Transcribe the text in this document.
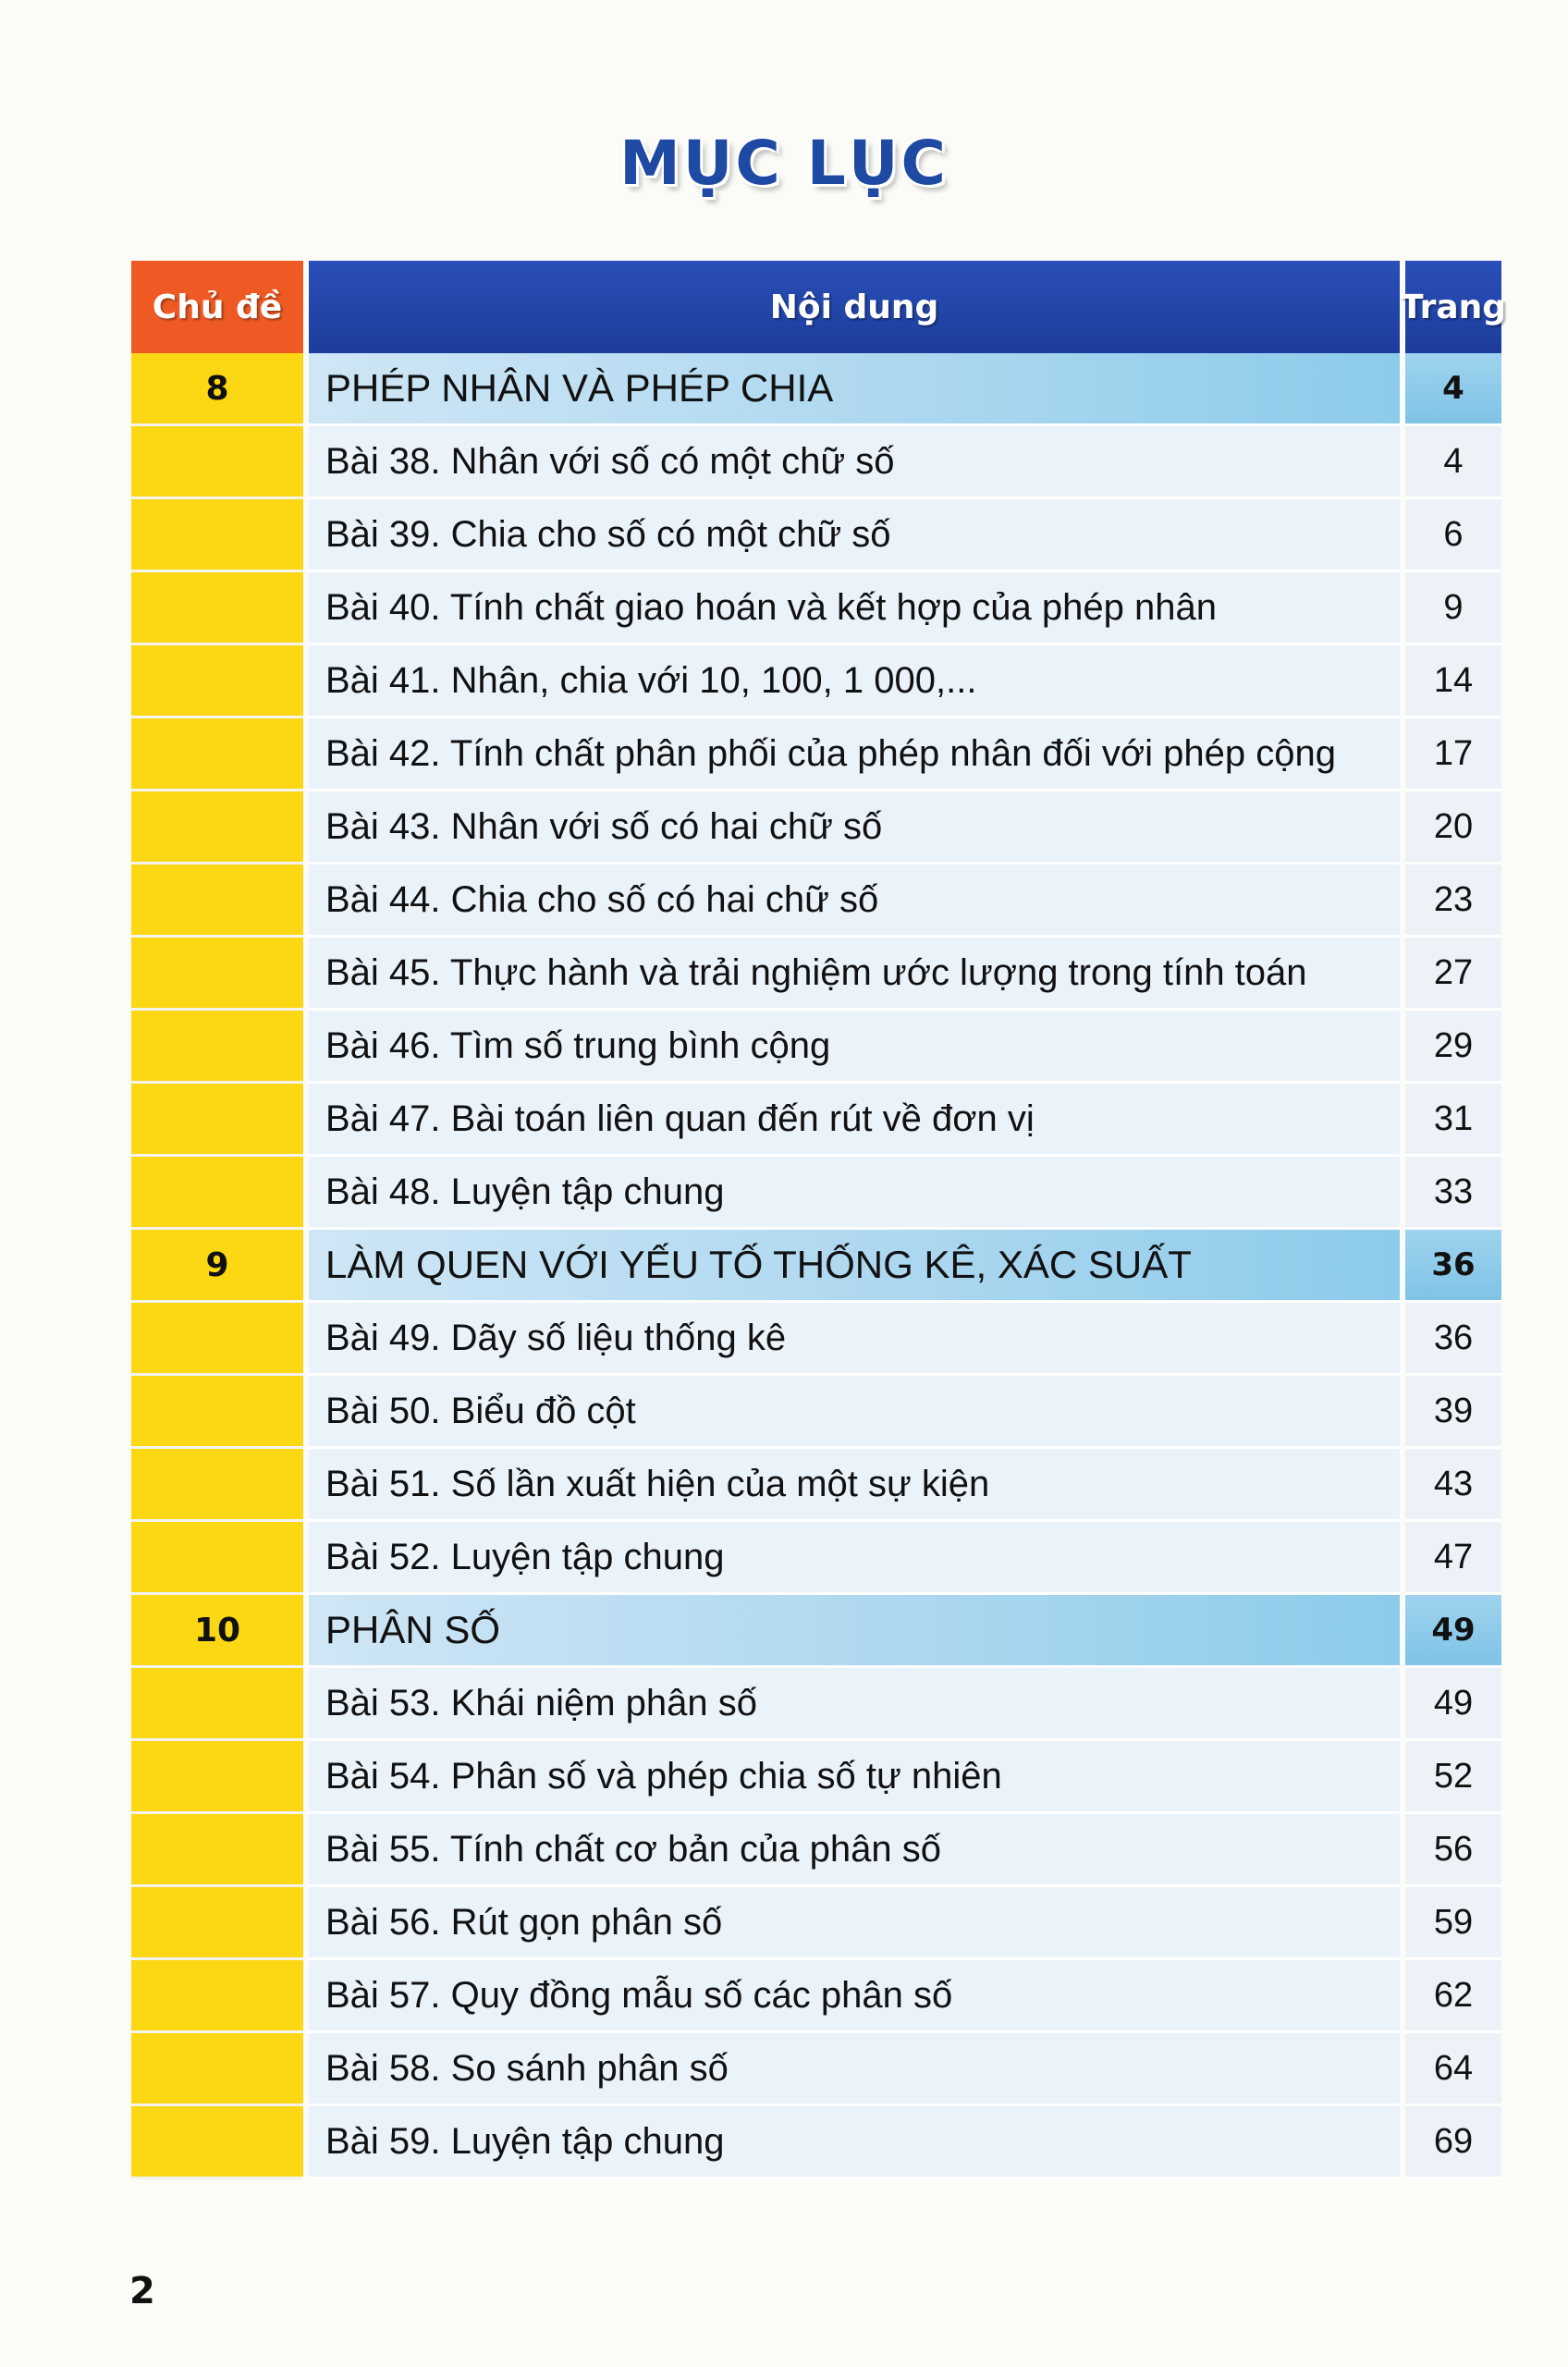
MỤC LỤC
Chủ đề	Nội dung	Trang
8	PHÉP NHÂN VÀ PHÉP CHIA	4
Bài 38. Nhân với số có một chữ số	4
Bài 39. Chia cho số có một chữ số	6
Bài 40. Tính chất giao hoán và kết hợp của phép nhân	9
Bài 41. Nhân, chia với 10, 100, 1 000,...	14
Bài 42. Tính chất phân phối của phép nhân đối với phép cộng	17
Bài 43. Nhân với số có hai chữ số	20
Bài 44. Chia cho số có hai chữ số	23
Bài 45. Thực hành và trải nghiệm ước lượng trong tính toán	27
Bài 46. Tìm số trung bình cộng	29
Bài 47. Bài toán liên quan đến rút về đơn vị	31
Bài 48. Luyện tập chung	33
9	LÀM QUEN VỚI YẾU TỐ THỐNG KÊ, XÁC SUẤT	36
Bài 49. Dãy số liệu thống kê	36
Bài 50. Biểu đồ cột	39
Bài 51. Số lần xuất hiện của một sự kiện	43
Bài 52. Luyện tập chung	47
10	PHÂN SỐ	49
Bài 53. Khái niệm phân số	49
Bài 54. Phân số và phép chia số tự nhiên	52
Bài 55. Tính chất cơ bản của phân số	56
Bài 56. Rút gọn phân số	59
Bài 57. Quy đồng mẫu số các phân số	62
Bài 58. So sánh phân số	64
Bài 59. Luyện tập chung	69
2
